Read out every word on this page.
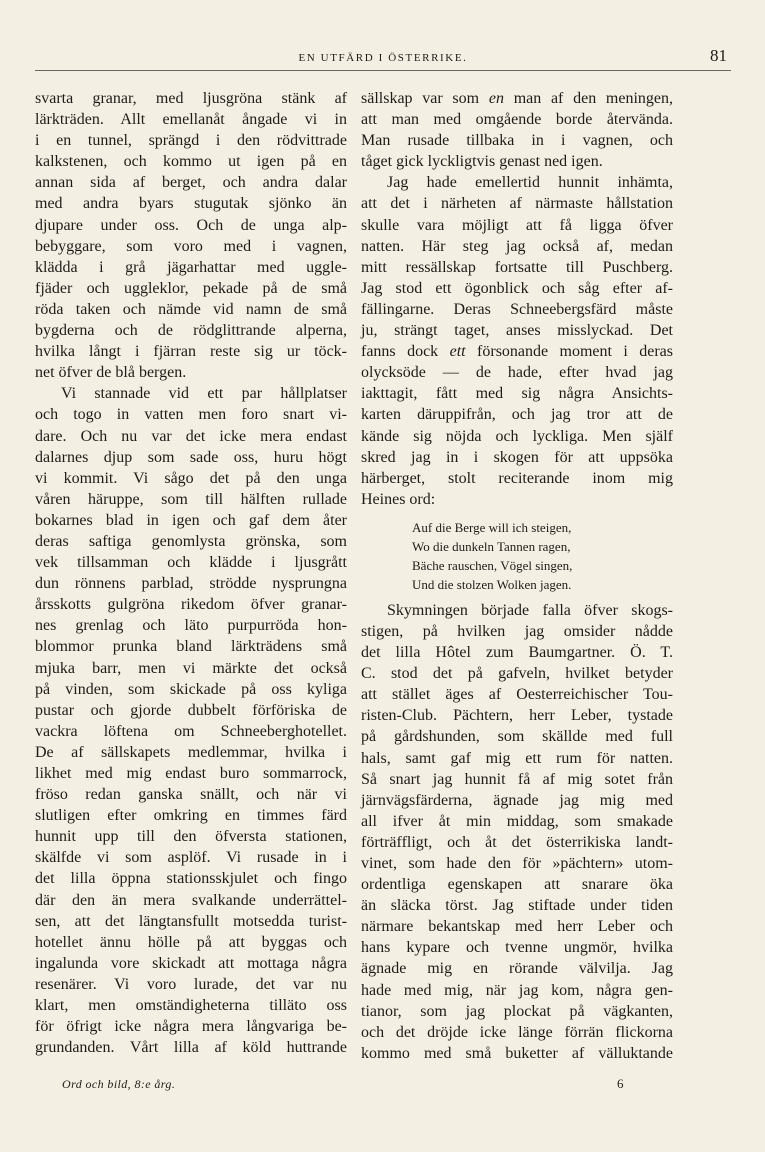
EN UTFÄRD I ÖSTERRIKE.	81
svarta granar, med ljusgröna stänk af
lärkträden. Allt emellanåt ångade vi in
i en tunnel, sprängd i den rödvittrade
kalkstenen, och kommo ut igen på en
annan sida af berget, och andra dalar
med andra byars stugutak sjönko än
djupare under oss. Och de unga alp-
bebyggare, som voro med i vagnen,
klädda i grå jägarhattar med uggle-
fjäder och uggleklor, pekade på de små
röda taken och nämde vid namn de små
bygderna och de rödglittrande alperna,
hvilka långt i fjärran reste sig ur töck-
net öfver de blå bergen.
Vi stannade vid ett par hållplatser
och togo in vatten men foro snart vi-
dare. Och nu var det icke mera endast
dalarnes djup som sade oss, huru högt
vi kommit. Vi sågo det på den unga
våren häruppe, som till hälften rullade
bokarnes blad in igen och gaf dem åter
deras saftiga genomlysta grönska, som
vek tillsamman och klädde i ljusgrått
dun rönnens parblad, strödde nysprungna
årsskotts gulgröna rikedom öfver granar-
nes grenlag och läto purpurröda hon-
blommor prunka bland lärkträdens små
mjuka barr, men vi märkte det också
på vinden, som skickade på oss kyliga
pustar och gjorde dubbelt förföriska de
vackra löftena om Schneeberghotellet.
De af sällskapets medlemmar, hvilka i
likhet med mig endast buro sommarrock,
fröso redan ganska snällt, och när vi
slutligen efter omkring en timmes färd
hunnit upp till den öfversta stationen,
skälfde vi som asplöf. Vi rusade in i
det lilla öppna stationsskjulet och fingo
där den än mera svalkande underrättel-
sen, att det längtansfullt motsedda turist-
hotellet ännu hölle på att byggas och
ingalunda vore skickadt att mottaga några
resenärer. Vi voro lurade, det var nu
klart, men omständigheterna tilläto oss
för öfrigt icke några mera långvariga be-
grundanden. Vårt lilla af köld huttrande
sällskap var som en man af den meningen,
att man med omgående borde återvända.
Man rusade tillbaka in i vagnen, och
tåget gick lyckligtvis genast ned igen.
Jag hade emellertid hunnit inhämta,
att det i närheten af närmaste hållstation
skulle vara möjligt att få ligga öfver
natten. Här steg jag också af, medan
mitt ressällskap fortsatte till Puschberg.
Jag stod ett ögonblick och såg efter af-
fällingarne. Deras Schneebergsfärd måste
ju, strängt taget, anses misslyckad. Det
fanns dock ett försonande moment i deras
olycksöde — de hade, efter hvad jag
iakttagit, fått med sig några Ansichts-
karten däruppifrån, och jag tror att de
kände sig nöjda och lyckliga. Men själf
skred jag in i skogen för att uppsöka
härberget, stolt reciterande inom mig
Heines ord:
Auf die Berge will ich steigen,
Wo die dunkeln Tannen ragen,
Bäche rauschen, Vögel singen,
Und die stolzen Wolken jagen.
Skymningen började falla öfver skogs-
stigen, på hvilken jag omsider nådde
det lilla Hôtel zum Baumgartner. Ö. T.
C. stod det på gafveln, hvilket betyder
att stället äges af Oesterreichischer Tou-
risten-Club. Pächtern, herr Leber, tystade
på gårdshunden, som skällde med full
hals, samt gaf mig ett rum för natten.
Så snart jag hunnit få af mig sotet från
järnvägsfärderna, ägnade jag mig med
all ifver åt min middag, som smakade
förträffligt, och åt det österrikiska landt-
vinet, som hade den för »pächtern» utom-
ordentliga egenskapen att snarare öka
än släcka törst. Jag stiftade under tiden
närmare bekantskap med herr Leber och
hans kypare och tvenne ungmör, hvilka
ägnade mig en rörande välvilja. Jag
hade med mig, när jag kom, några gen-
tianor, som jag plockat på vägkanten,
och det dröjde icke länge förrän flickorna
kommo med små buketter af välluktande
Ord och bild, 8:e årg.	6
